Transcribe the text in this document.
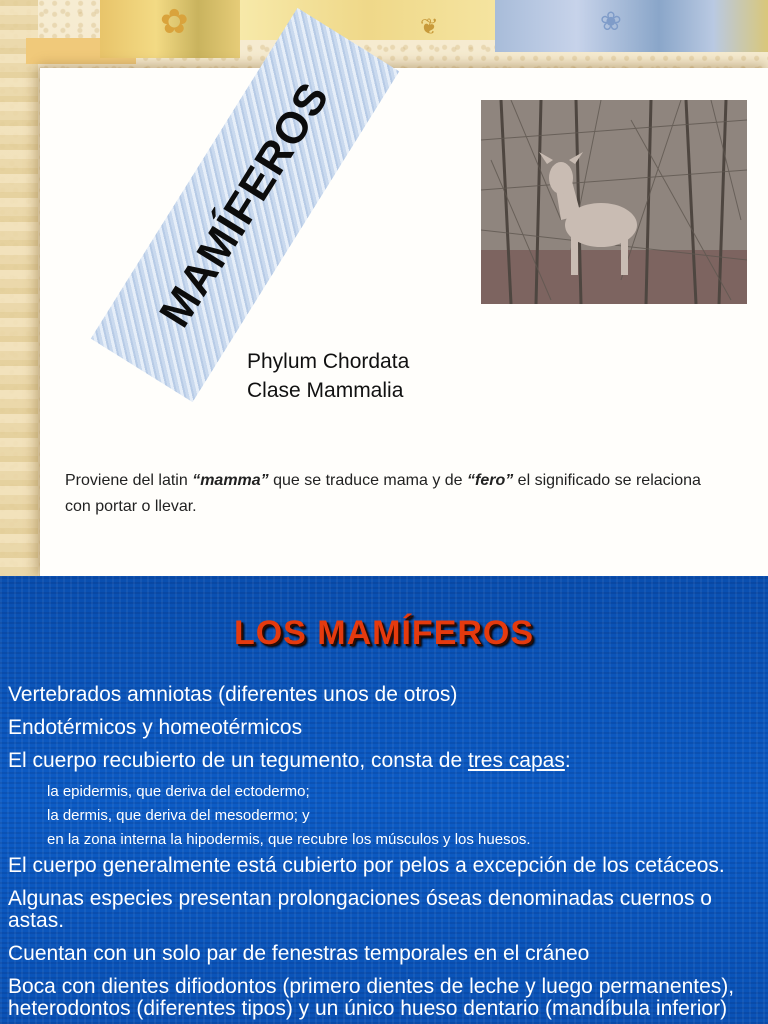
✿	❦	❀
MAMÍFEROS
Phylum Chordata
Clase Mammalia
Proviene del latin “mamma” que se traduce mama y de “fero” el significado se relaciona con portar o llevar.
LOS MAMÍFEROS
Vertebrados amniotas (diferentes unos de otros)
Endotérmicos y homeotérmicos
El cuerpo recubierto de un tegumento, consta de tres capas:
la epidermis, que deriva del ectodermo;
la dermis, que deriva del mesodermo; y
en la zona interna la hipodermis, que recubre los músculos y los huesos.
El cuerpo generalmente está cubierto por pelos a excepción de los cetáceos.
Algunas especies presentan prolongaciones óseas denominadas cuernos o astas.
Cuentan con un solo par de fenestras temporales en el cráneo
Boca con dientes difiodontos (primero dientes de leche y luego permanentes), heterodontos (diferentes tipos) y un único hueso dentario (mandíbula inferior)
